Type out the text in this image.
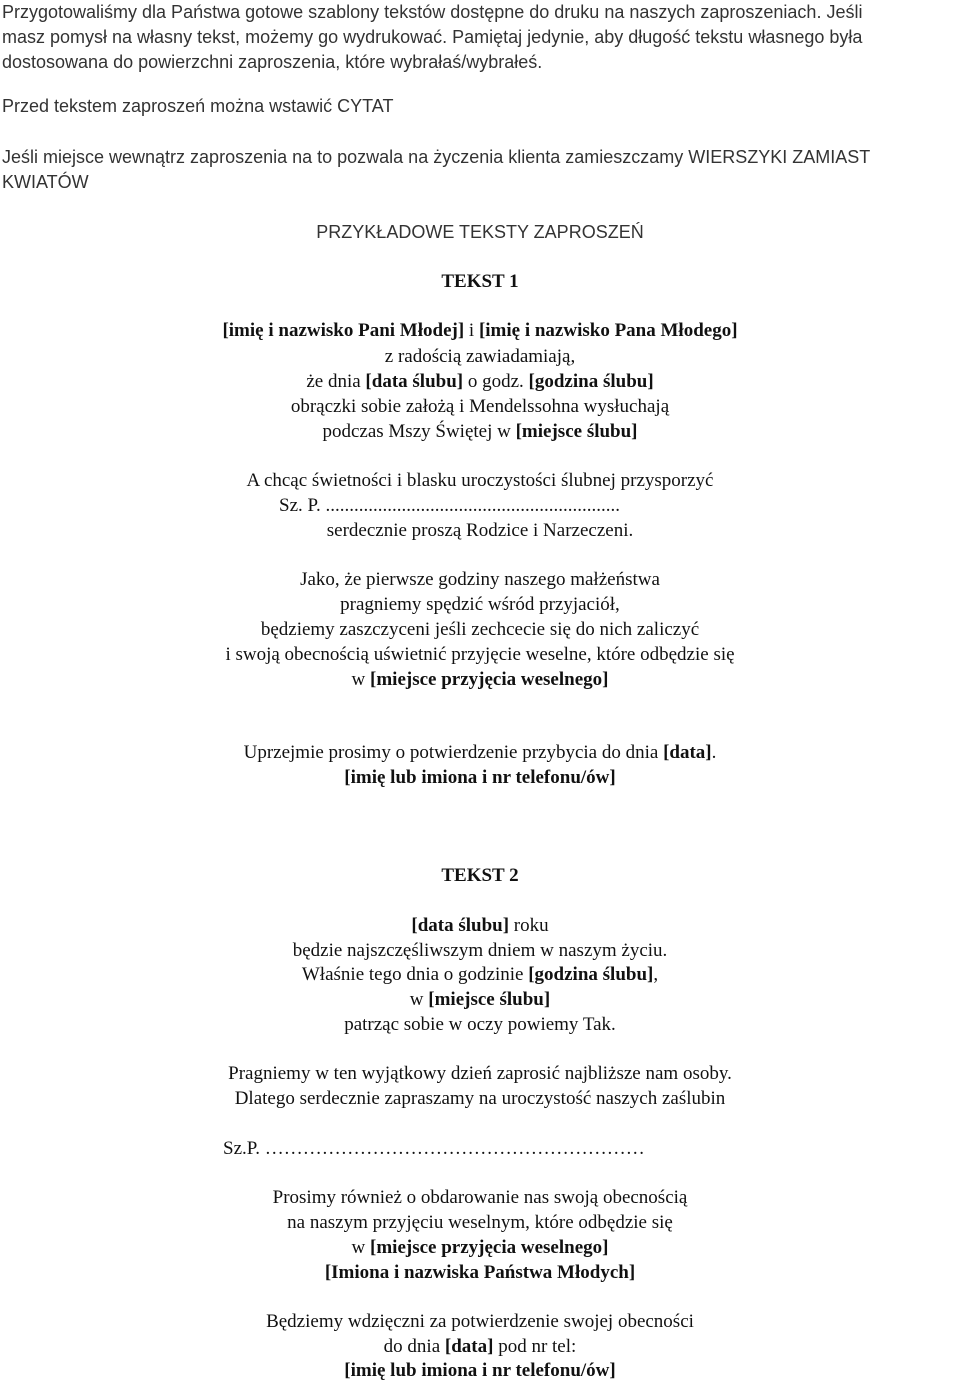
Przygotowaliśmy dla Państwa gotowe szablony tekstów dostępne do druku na naszych zaproszeniach. Jeśli

masz pomysł na własny tekst, możemy go wydrukować. Pamiętaj jedynie, aby długość tekstu własnego była

dostosowana do powierzchni zaproszenia, które wybrałaś/wybrałeś.

Przed tekstem zaproszeń można wstawić CYTAT

Jeśli miejsce wewnątrz zaproszenia na to pozwala na życzenia klienta zamieszczamy WIERSZYKI ZAMIAST

KWIATÓW

PRZYKŁADOWE TEKSTY ZAPROSZEŃ

TEKST 1

[imię i nazwisko Pani Młodej] i [imię i nazwisko Pana Młodego]

z radością zawiadamiają,

że dnia [data ślubu] o godz. [godzina ślubu]

obrączki sobie założą i Mendelssohna wysłuchają

podczas Mszy Świętej w [miejsce ślubu]

A chcąc świetności i blasku uroczystości ślubnej przysporzyć

Sz. P. ..............................................................

serdecznie proszą Rodzice i Narzeczeni.

Jako, że pierwsze godziny naszego małżeństwa

pragniemy spędzić wśród przyjaciół,

będziemy zaszczyceni jeśli zechcecie się do nich zaliczyć

i swoją obecnością uświetnić przyjęcie weselne, które odbędzie się

w [miejsce przyjęcia weselnego]

Uprzejmie prosimy o potwierdzenie przybycia do dnia [data].

[imię lub imiona i nr telefonu/ów]

TEKST 2

[data ślubu] roku

będzie najszczęśliwszym dniem w naszym życiu.

Właśnie tego dnia o godzinie [godzina ślubu],

w [miejsce ślubu]

patrząc sobie w oczy powiemy Tak.

Pragniemy w ten wyjątkowy dzień zaprosić najbliższe nam osoby.

Dlatego serdecznie zapraszamy na uroczystość naszych zaślubin

Sz.P. ……………………………………………………

Prosimy również o obdarowanie nas swoją obecnością

na naszym przyjęciu weselnym, które odbędzie się

w [miejsce przyjęcia weselnego]

[Imiona i nazwiska Państwa Młodych]

Będziemy wdzięczni za potwierdzenie swojej obecności

do dnia [data] pod nr tel:

[imię lub imiona i nr telefonu/ów]
